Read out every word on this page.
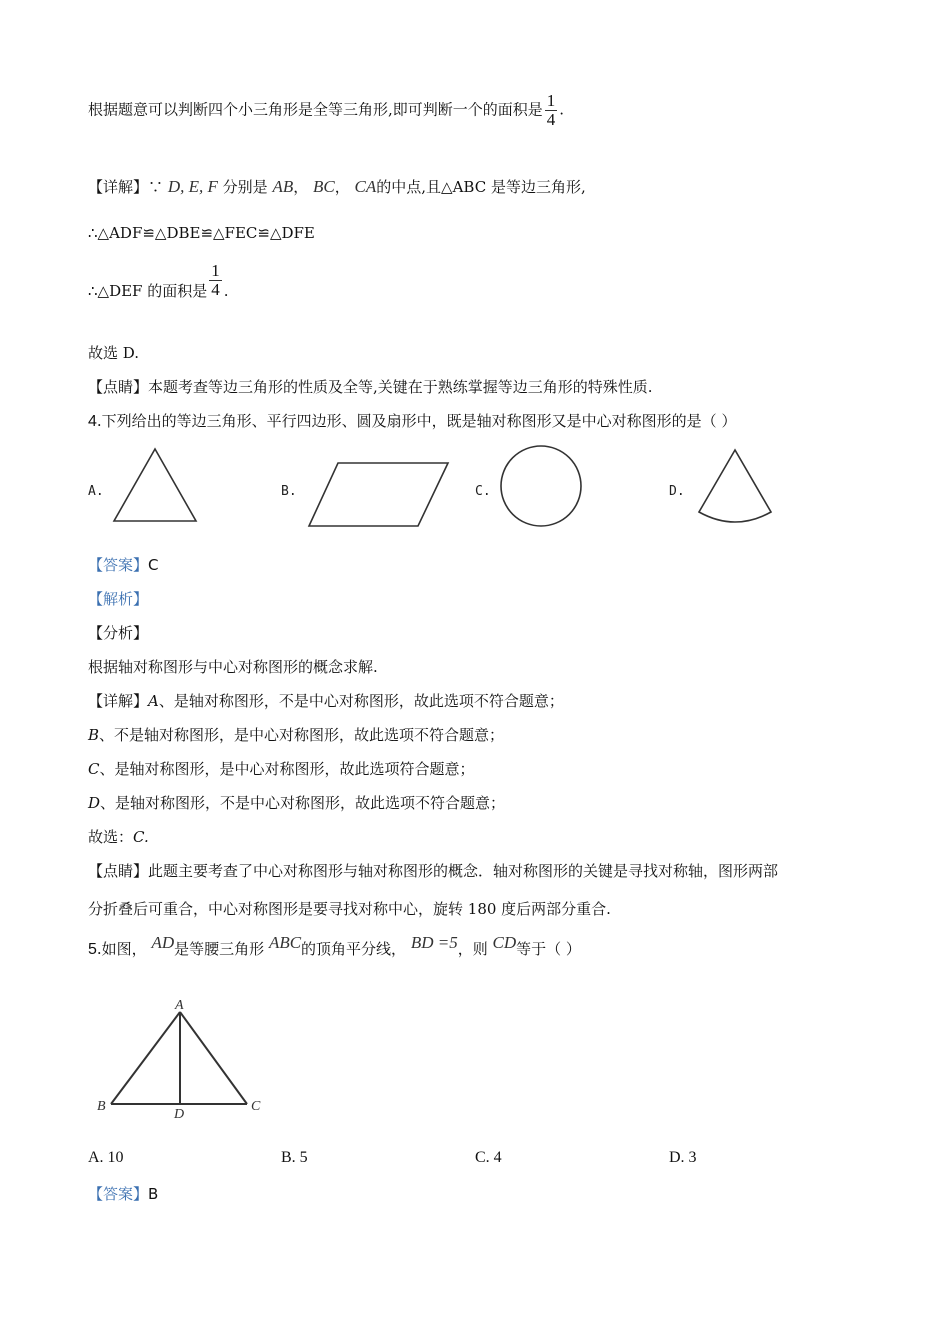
根据题意可以判断四个小三角形是全等三角形,即可判断一个的面积是 $\frac{1}{4}$ .
【详解】∵ D, E, F 分别是 AB， BC， CA的中点,且△ABC 是等边三角形,
∴△ADF≌△DBE≌△FEC≌△DFE
∴△DEF 的面积是 $\frac{1}{4}$ .
故选 D.
【点睛】本题考查等边三角形的性质及全等,关键在于熟练掌握等边三角形的特殊性质.
4.下列给出的等边三角形、平行四边形、圆及扇形中，既是轴对称图形又是中心对称图形的是（ ）
A.	B.	C.	D.
【答案】C
【解析】
【分析】
根据轴对称图形与中心对称图形的概念求解.
【详解】A、是轴对称图形，不是中心对称图形，故此选项不符合题意；
B、不是轴对称图形，是中心对称图形，故此选项不符合题意；
C、是轴对称图形，是中心对称图形，故此选项符合题意；
D、是轴对称图形，不是中心对称图形，故此选项不符合题意；
故选：C.
【点睛】此题主要考查了中心对称图形与轴对称图形的概念．轴对称图形的关键是寻找对称轴，图形两部
分折叠后可重合，中心对称图形是要寻找对称中心，旋转 180 度后两部分重合.
5.如图， AD是等腰三角形 ABC的顶角平分线， BD =5，则 CD等于（ ）
A
B	C
D
A. 10	B. 5	C. 4	D. 3
【答案】B
